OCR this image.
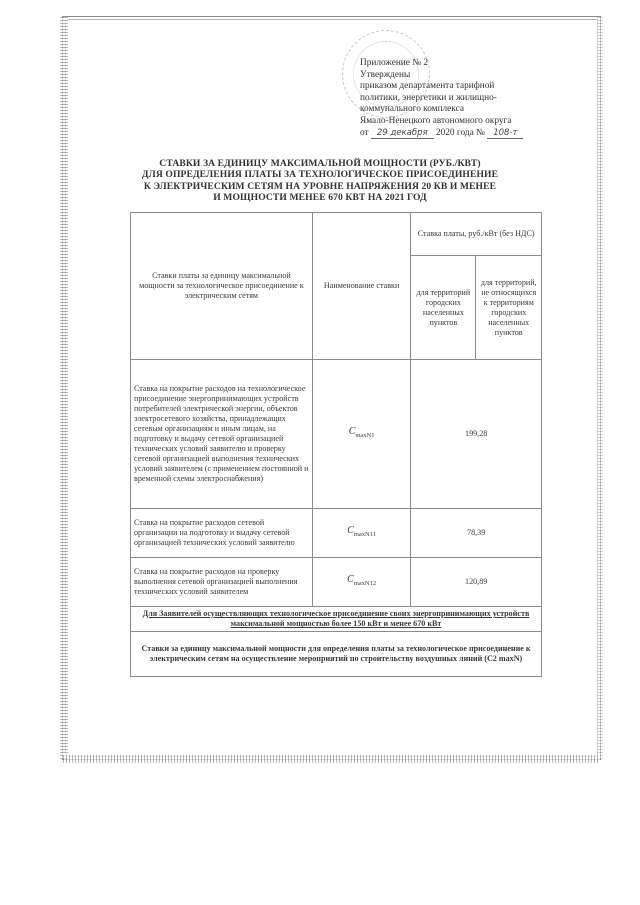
Приложение № 2
Утверждены
приказом департамента тарифной
политики, энергетики и жилищно-
коммунального комплекса
Ямало-Ненецкого автономного округа
от 29 декабря 2020 года № 108-т
СТАВКИ ЗА ЕДИНИЦУ МАКСИМАЛЬНОЙ МОЩНОСТИ (РУБ./КВТ)
ДЛЯ ОПРЕДЕЛЕНИЯ ПЛАТЫ ЗА ТЕХНОЛОГИЧЕСКОЕ ПРИСОЕДИНЕНИЕ
К ЭЛЕКТРИЧЕСКИМ СЕТЯМ НА УРОВНЕ НАПРЯЖЕНИЯ 20 КВ И МЕНЕЕ
И МОЩНОСТИ МЕНЕЕ 670 КВТ НА 2021 ГОД
Ставки платы за единицу максимальной мощности за технологическое присоединение к электрическим сетям	Наименование ставки	Ставка платы, руб./кВт (без НДС)	
		для территорий городских населенных пунктов	для территорий, не относящихся к территориям городских населенных пунктов
Ставка на покрытие расходов на технологическое присоединение энергопринимающих устройств потребителей электрической энергии, объектов электросетевого хозяйства, принадлежащих сетевым организациям и иным лицам, на подготовку и выдачу сетевой организацией технических условий заявителю и проверку сетевой организацией выполнения технических условий заявителем (с применением постоянной и временной схемы электроснабжения)	$C_{maxN1}$	199,28	
Ставка на покрытие расходов сетевой организации на подготовку и выдачу сетевой организацией технических условий заявителю	$C_{maxN11}$	78,39	
Ставка на покрытие расходов на проверку выполнения сетевой организацией выполнения технических условий заявителем	$C_{maxN12}$	120,89	
Для Заявителей осуществляющих технологическое присоединение своих энергопринимающих устройств максимальной мощностью более 150 кВт и менее 670 кВт			
Ставки за единицу максимальной мощности для определения платы за технологическое присоединение к электрическим сетям на осуществление мероприятий по строительству воздушных линий (C2 maxN)			
